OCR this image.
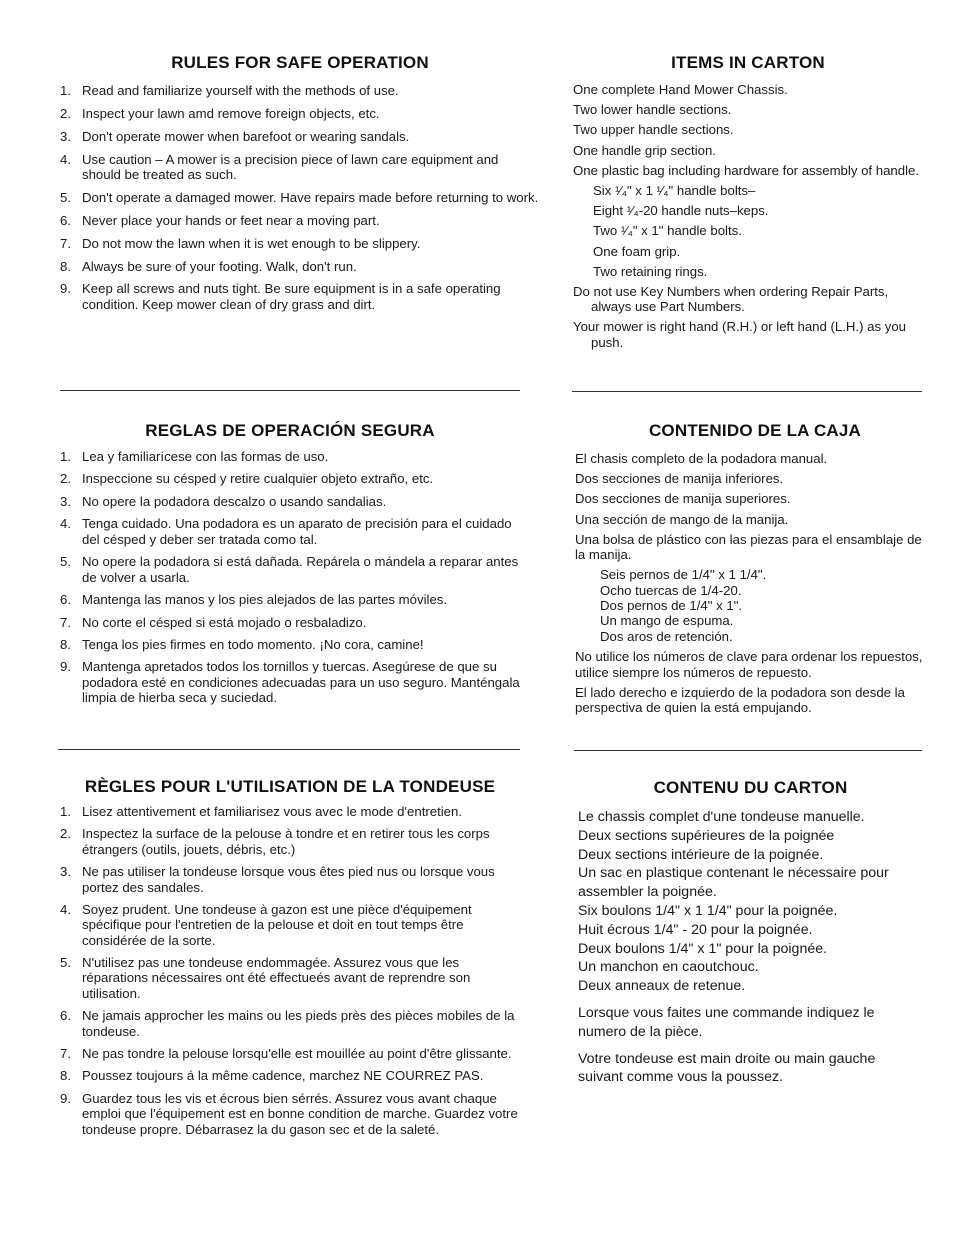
RULES FOR SAFE OPERATION
1. Read and familiarize yourself with the methods of use.
2. Inspect your lawn amd remove foreign objects, etc.
3. Don't operate mower when barefoot or wearing sandals.
4. Use caution – A mower is a precision piece of lawn care equipment and should be treated as such.
5. Don't operate a damaged mower. Have repairs made before returning to work.
6. Never place your hands or feet near a moving part.
7. Do not mow the lawn when it is wet enough to be slippery.
8. Always be sure of your footing. Walk, don't run.
9. Keep all screws and nuts tight. Be sure equipment is in a safe operating condition. Keep mower clean of dry grass and dirt.
ITEMS IN CARTON
One complete Hand Mower Chassis.
Two lower handle sections.
Two upper handle sections.
One handle grip section.
One plastic bag including hardware for assembly of handle.
Six ¹⁄₄" x 1 ¹⁄₄" handle bolts–
Eight ¹⁄₄-20 handle nuts–keps.
Two ¹⁄₄" x 1" handle bolts.
One foam grip.
Two retaining rings.
Do not use Key Numbers when ordering Repair Parts, always use Part Numbers.
Your mower is right hand (R.H.) or left hand (L.H.) as you push.
REGLAS DE OPERACIÓN SEGURA
1. Lea y familiarícese con las formas de uso.
2. Inspeccione su césped y retire cualquier objeto extraño, etc.
3. No opere la podadora descalzo o usando sandalias.
4. Tenga cuidado. Una podadora es un aparato de precisión para el cuidado del césped y deber ser tratada como tal.
5. No opere la podadora si está dañada. Repárela o mándela a reparar antes de volver a usarla.
6. Mantenga las manos y los pies alejados de las partes móviles.
7. No corte el césped si está mojado o resbaladizo.
8. Tenga los pies firmes en todo momento. ¡No cora, camine!
9. Mantenga apretados todos los tornillos y tuercas. Asegúrese de que su podadora esté en condiciones adecuadas para un uso seguro. Manténgala limpia de hierba seca y suciedad.
CONTENIDO DE LA CAJA
El chasis completo de la podadora manual.
Dos secciones de manija inferiores.
Dos secciones de manija superiores.
Una sección de mango de la manija.
Una bolsa de plástico con las piezas para el ensamblaje de la manija.
Seis pernos de 1/4" x 1 1/4".
Ocho tuercas de 1/4-20.
Dos pernos de 1/4" x 1".
Un mango de espuma.
Dos aros de retención.
No utilice los números de clave para ordenar los repuestos, utilice siempre los números de repuesto.
El lado derecho e izquierdo de la podadora son desde la perspectiva de quien la está empujando.
RÈGLES POUR L'UTILISATION DE LA TONDEUSE
1. Lisez attentivement et familiarisez vous avec le mode d'entretien.
2. Inspectez la surface de la pelouse à tondre et en retirer tous les corps étrangers (outils, jouets, débris, etc.)
3. Ne pas utiliser la tondeuse lorsque vous êtes pied nus ou lorsque vous portez des sandales.
4. Soyez prudent. Une tondeuse à gazon est une pièce d'équipement spécifique pour l'entretien de la pelouse et doit en tout temps être considérée de la sorte.
5. N'utilisez pas une tondeuse endommagée. Assurez vous que les réparations nécessaires ont été effectueés avant de reprendre son utilisation.
6. Ne jamais approcher les mains ou les pieds près des pièces mobiles de la tondeuse.
7. Ne pas tondre la pelouse lorsqu'elle est mouillée au point d'être glissante.
8. Poussez toujours á la même cadence, marchez NE COURREZ PAS.
9. Guardez tous les vis et écrous bien sérrés. Assurez vous avant chaque emploi que l'équipement est en bonne condition de marche. Guardez votre tondeuse propre. Débarrasez la du gason sec et de la saleté.
CONTENU DU CARTON
Le chassis complet d'une tondeuse manuelle.
Deux sections supérieures de la poignée
Deux sections intérieure de la poignée.
Un sac en plastique contenant le nécessaire pour assembler la poignée.
Six boulons 1/4" x 1 1/4" pour la poignée.
Huit écrous 1/4" - 20 pour la poignée.
Deux boulons 1/4" x 1" pour la poignée.
Un manchon en caoutchouc.
Deux anneaux de retenue.
Lorsque vous faites une commande indiquez le numero de la pièce.
Votre tondeuse est main droite ou main gauche suivant comme vous la poussez.
